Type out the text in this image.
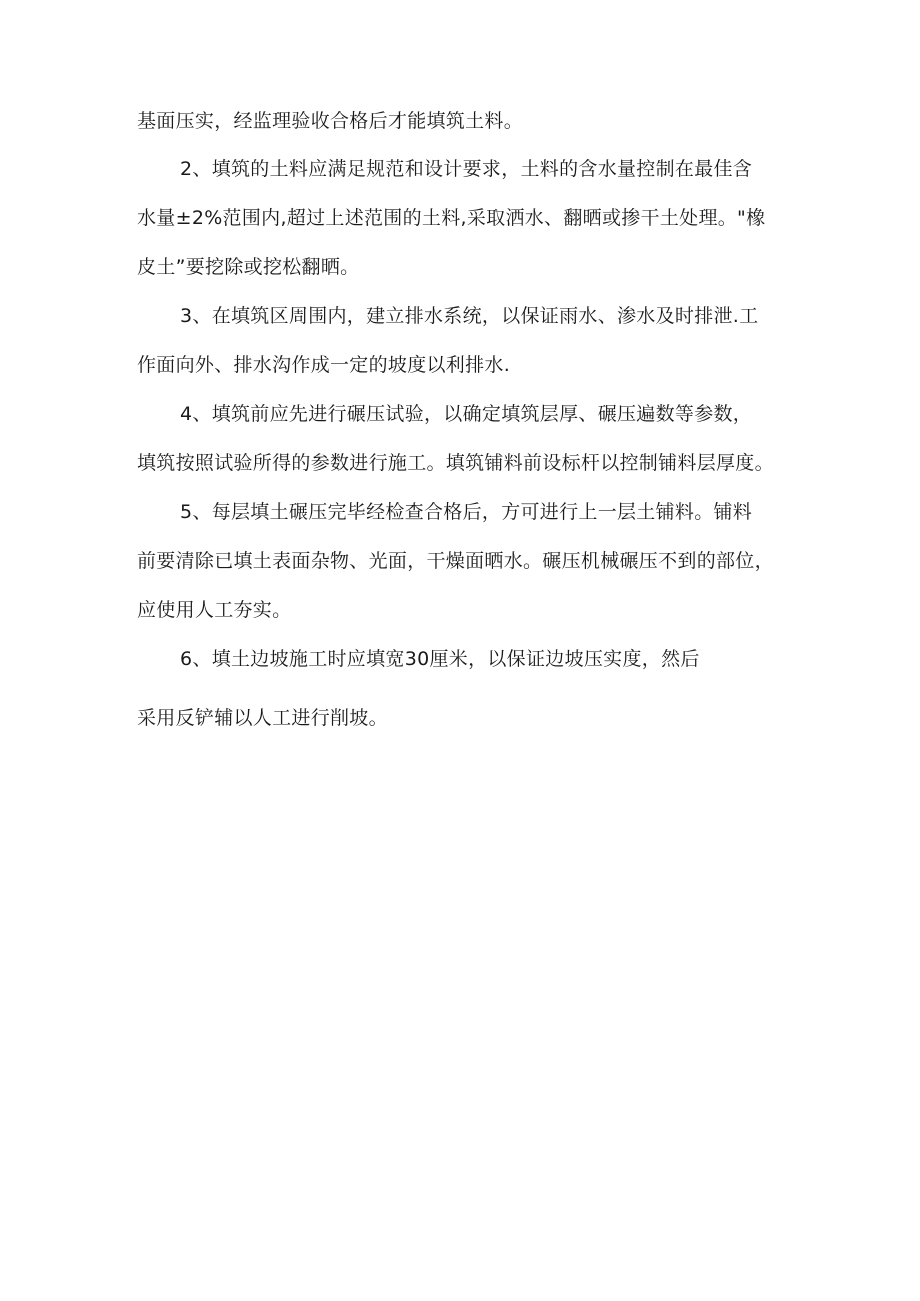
基面压实，经监理验收合格后才能填筑土料。
2、填筑的土料应满足规范和设计要求，土料的含水量控制在最佳含
水量±2%范围内,超过上述范围的土料,采取洒水、翻晒或掺干土处理。"橡
皮土”要挖除或挖松翻晒。
3、在填筑区周围内，建立排水系统，以保证雨水、渗水及时排泄.工
作面向外、排水沟作成一定的坡度以利排水.
4、填筑前应先进行碾压试验，以确定填筑层厚、碾压遍数等参数，
填筑按照试验所得的参数进行施工。填筑铺料前设标杆以控制铺料层厚度。
5、每层填土碾压完毕经检查合格后，方可进行上一层土铺料。铺料
前要清除已填土表面杂物、光面，干燥面晒水。碾压机械碾压不到的部位，
应使用人工夯实。
6、填土边坡施工时应填宽30厘米，以保证边坡压实度，然后
采用反铲辅以人工进行削坡。
